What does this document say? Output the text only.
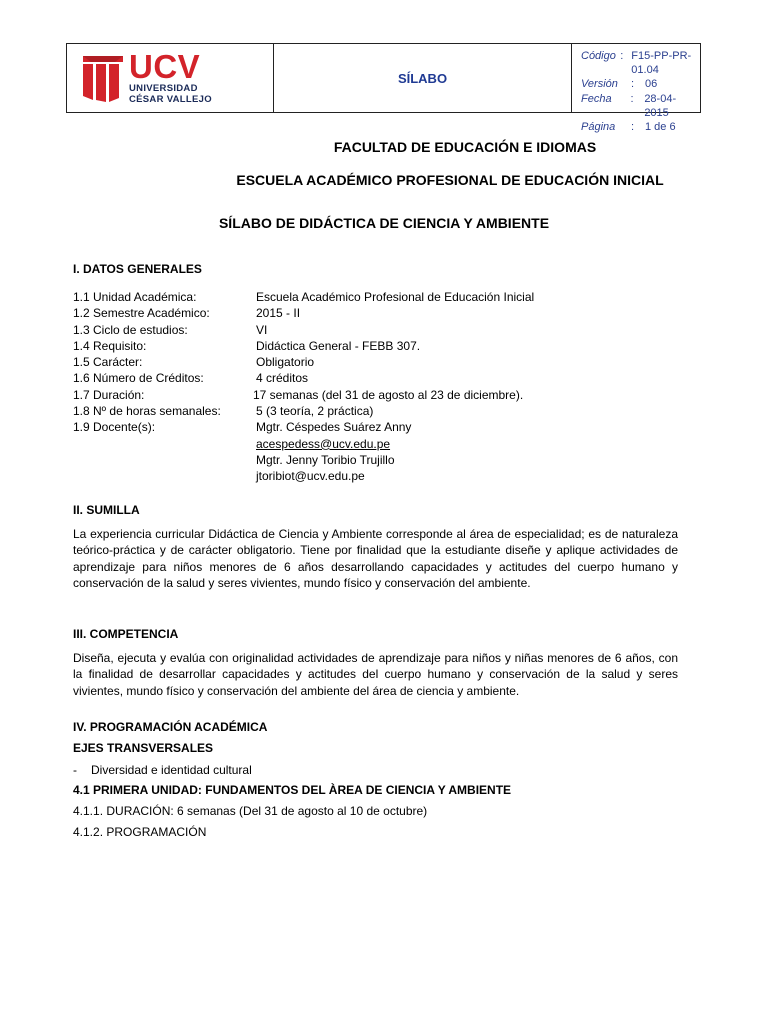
UCV
UNIVERSIDAD
CÉSAR VALLEJO
SÍLABO
Código : F15-PP-PR-01.04
Versión	: 06
Fecha	: 28-04-2015
Página	: 1 de 6
FACULTAD DE EDUCACIÓN E IDIOMAS
ESCUELA ACADÉMICO PROFESIONAL DE EDUCACIÓN INICIAL
SÍLABO DE DIDÁCTICA DE CIENCIA Y AMBIENTE
I. DATOS GENERALES
1.1 Unidad Académica:	Escuela Académico Profesional de Educación Inicial
1.2 Semestre Académico:	2015 - II
1.3 Ciclo de estudios:	VI
1.4 Requisito:	Didáctica General - FEBB 307.
1.5 Carácter:	Obligatorio
1.6 Número de Créditos:	4 créditos
1.7 Duración:	17 semanas (del 31 de agosto al 23 de diciembre).
1.8 Nº de horas semanales:	5 (3 teoría, 2 práctica)
1.9 Docente(s):	Mgtr. Céspedes Suárez Anny
acespedess@ucv.edu.pe
Mgtr. Jenny Toribio Trujillo
jtoribiot@ucv.edu.pe
II. SUMILLA
La experiencia curricular Didáctica de Ciencia y Ambiente corresponde al área de especialidad; es de naturaleza teórico-práctica y de carácter obligatorio. Tiene por finalidad que la estudiante diseñe y aplique actividades de aprendizaje para niños menores de 6 años desarrollando capacidades y actitudes del cuerpo humano y conservación de la salud y seres vivientes, mundo físico y conservación del ambiente.
III. COMPETENCIA
Diseña, ejecuta y evalúa con originalidad actividades de aprendizaje para niños y niñas menores de 6 años, con la finalidad de desarrollar capacidades y actitudes del cuerpo humano y conservación de la salud y seres vivientes, mundo físico y conservación del ambiente del área de ciencia y ambiente.
IV. PROGRAMACIÓN ACADÉMICA
EJES TRANSVERSALES
- Diversidad e identidad cultural
4.1 PRIMERA UNIDAD: FUNDAMENTOS DEL ÀREA DE CIENCIA Y AMBIENTE
4.1.1. DURACIÓN: 6 semanas (Del 31 de agosto al 10 de octubre)
4.1.2. PROGRAMACIÓN
